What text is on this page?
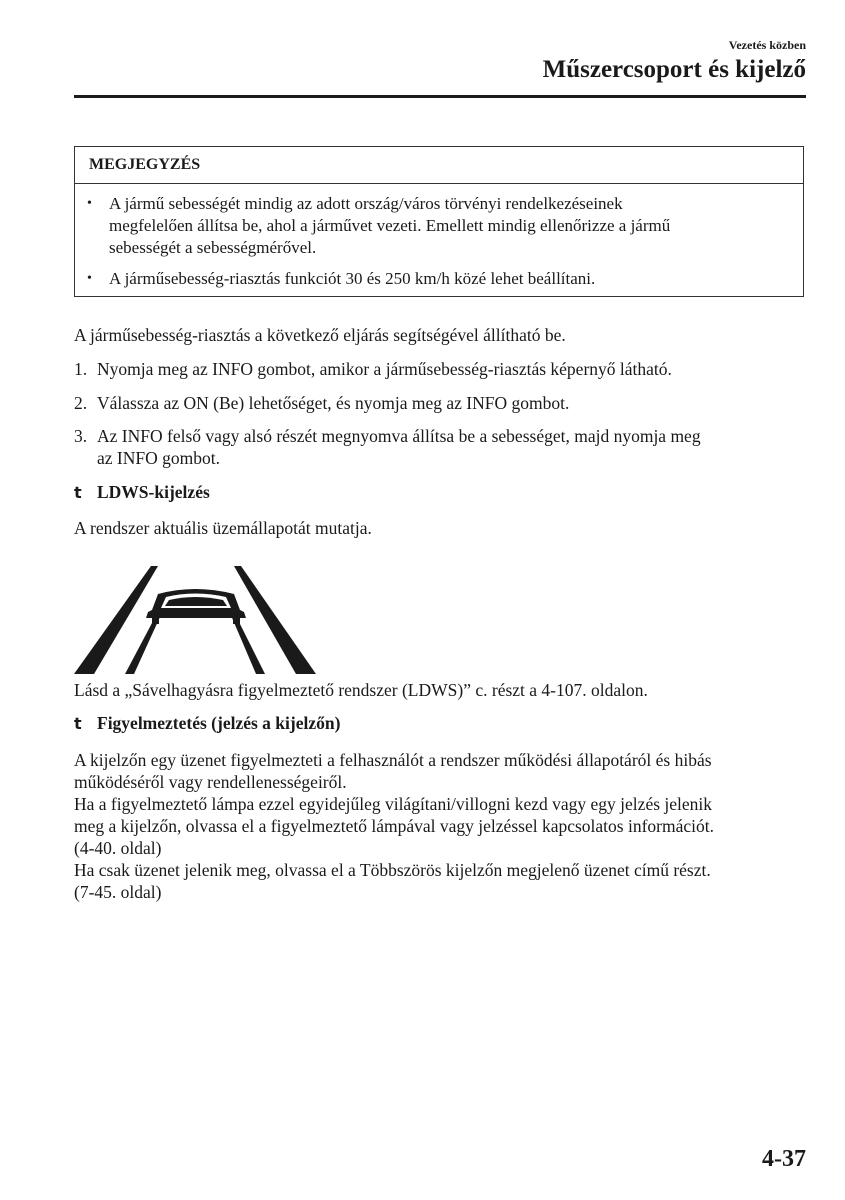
Vezetés közben
Műszercsoport és kijelző
MEGJEGYZÉS
• A jármű sebességét mindig az adott ország/város törvényi rendelkezéseinek
megfelelően állítsa be, ahol a járművet vezeti. Emellett mindig ellenőrizze a jármű
sebességét a sebességmérővel.
• A járműsebesség-riasztás funkciót 30 és 250 km/h közé lehet beállítani.
A járműsebesség-riasztás a következő eljárás segítségével állítható be.
1. Nyomja meg az INFO gombot, amikor a járműsebesség-riasztás képernyő látható.
2. Válassza az ON (Be) lehetőséget, és nyomja meg az INFO gombot.
3. Az INFO felső vagy alsó részét megnyomva állítsa be a sebességet, majd nyomja meg
az INFO gombot.
t LDWS-kijelzés
A rendszer aktuális üzemállapotát mutatja.
Lásd a „Sávelhagyásra figyelmeztető rendszer (LDWS)” c. részt a 4-107. oldalon.
t Figyelmeztetés (jelzés a kijelzőn)
A kijelzőn egy üzenet figyelmezteti a felhasználót a rendszer működési állapotáról és hibás
működéséről vagy rendellenességeiről.
Ha a figyelmeztető lámpa ezzel egyidejűleg világítani/villogni kezd vagy egy jelzés jelenik
meg a kijelzőn, olvassa el a figyelmeztető lámpával vagy jelzéssel kapcsolatos információt.
(4-40. oldal)
Ha csak üzenet jelenik meg, olvassa el a Többszörös kijelzőn megjelenő üzenet című részt.
(7-45. oldal)
4-37
